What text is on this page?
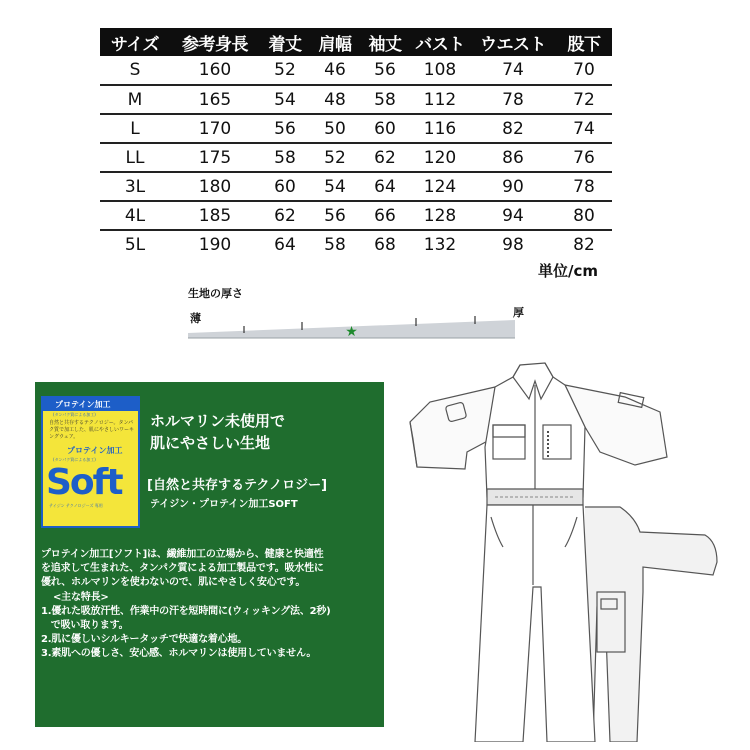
サイズ	参考身長	着丈	肩幅	袖丈	バスト	ウエスト	股下
S	160	52	46	56	108	74	70
M	165	54	48	58	112	78	72
L	170	56	50	60	116	82	74
LL	175	58	52	62	120	86	76
3L	180	60	54	64	124	90	78
4L	185	62	56	66	128	94	80
5L	190	64	58	68	132	98	82
単位/cm
生地の厚さ
薄	厚
★
プロテイン加工
(タンパク質による加工)
自然と共存するテクノロジー。タンパク質で加工した、肌にやさしいワーキングウェア。
プロテイン加工
(タンパク質による加工)
Soft
テイジン テクノロジーズ 専用
ホルマリン未使用で
肌にやさしい生地
[自然と共存するテクノロジー]
テイジン・プロテイン加工SOFT

プロテイン加工[ソフト]は、繊維加工の立場から、健康と快適性

を追求して生まれた、タンパク質による加工製品です。吸水性に

優れ、ホルマリンを使わないので、肌にやさしく安心です。

<主な特長>

1.優れた吸放汗性、作業中の汗を短時間に(ウィッキング法、2秒)

　で吸い取ります。

2.肌に優しいシルキータッチで快適な着心地。

3.素肌への優しさ、安心感、ホルマリンは使用していません。
